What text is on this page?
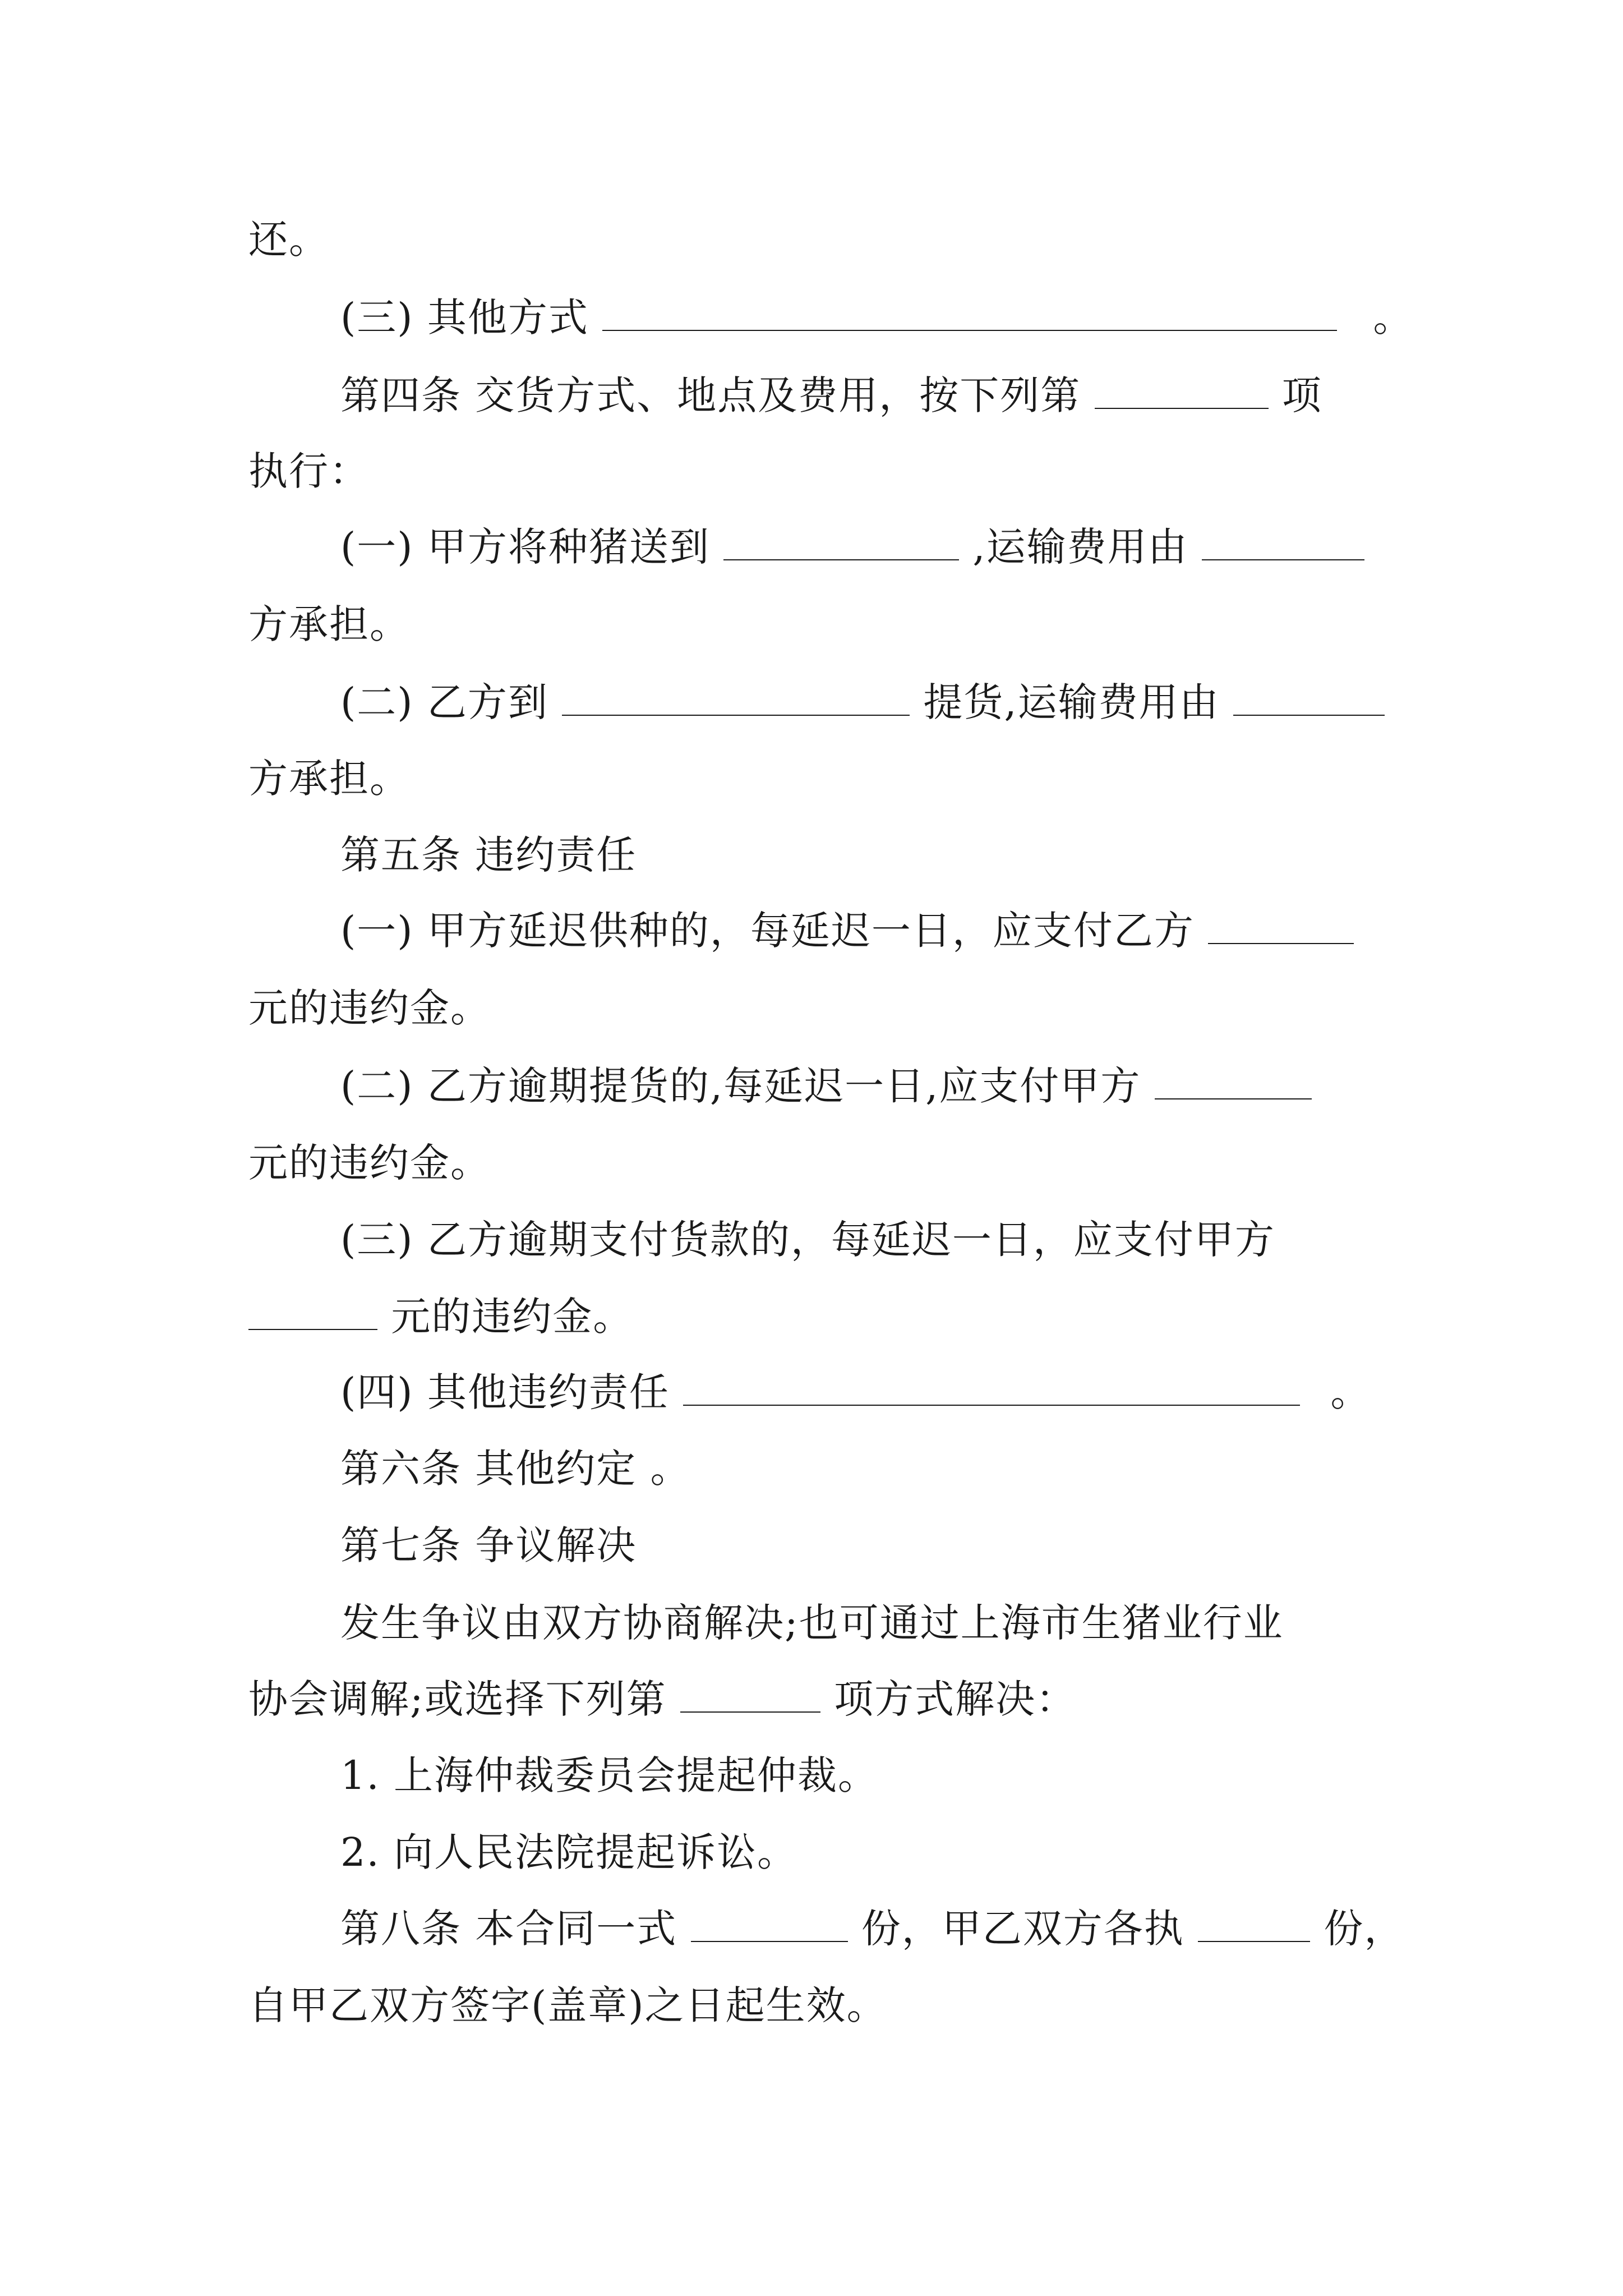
还。
(三) 其他方式	。
第四条 交货方式、地点及费用，按下列第	项
执行：
(一) 甲方将种猪送到	,运输费用由
方承担。
(二) 乙方到	提货,运输费用由
方承担。
第五条 违约责任
(一) 甲方延迟供种的，每延迟一日，应支付乙方
元的违约金。
(二) 乙方逾期提货的,每延迟一日,应支付甲方
元的违约金。
(三) 乙方逾期支付货款的，每延迟一日，应支付甲方
元的违约金。
(四) 其他违约责任	。
第六条 其他约定 。
第七条 争议解决
发生争议由双方协商解决;也可通过上海市生猪业行业
协会调解;或选择下列第	项方式解决：
1. 上海仲裁委员会提起仲裁。
2. 向人民法院提起诉讼。
第八条 本合同一式	份，甲乙双方各执	份，
自甲乙双方签字(盖章)之日起生效。
